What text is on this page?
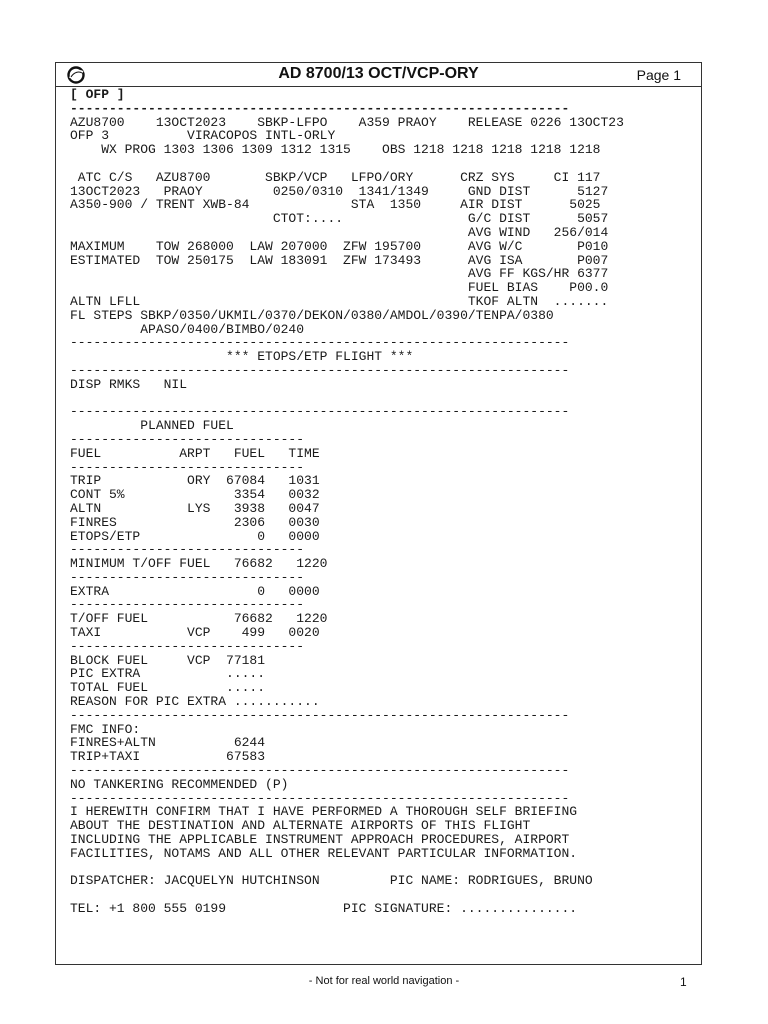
AD 8700/13 OCT/VCP-ORY	Page 1
[ OFP ]
----------------------------------------------------------------
AZU8700    13OCT2023    SBKP-LFPO    A359 PRAOY    RELEASE 0226 13OCT23
OFP 3          VIRACOPOS INTL-ORLY
WX PROG 1303 1306 1309 1312 1315    OBS 1218 1218 1218 1218 1218

ATC C/S   AZU8700       SBKP/VCP   LFPO/ORY      CRZ SYS     CI 117
13OCT2023   PRAOY         0250/0310  1341/1349     GND DIST      5127
A350-900 / TRENT XWB-84             STA  1350     AIR DIST      5025
CTOT:....                G/C DIST      5057
AVG WIND   256/014
MAXIMUM    TOW 268000  LAW 207000  ZFW 195700      AVG W/C       P010
ESTIMATED  TOW 250175  LAW 183091  ZFW 173493      AVG ISA       P007
AVG FF KGS/HR 6377
FUEL BIAS    P00.0
ALTN LFLL                                          TKOF ALTN  .......
FL STEPS SBKP/0350/UKMIL/0370/DEKON/0380/AMDOL/0390/TENPA/0380
APASO/0400/BIMBO/0240
----------------------------------------------------------------
*** ETOPS/ETP FLIGHT ***
----------------------------------------------------------------
DISP RMKS   NIL

----------------------------------------------------------------
PLANNED FUEL
------------------------------
FUEL          ARPT   FUEL   TIME
------------------------------
TRIP           ORY  67084   1031
CONT 5%              3354   0032
ALTN           LYS   3938   0047
FINRES               2306   0030
ETOPS/ETP               0   0000
------------------------------
MINIMUM T/OFF FUEL   76682   1220
------------------------------
EXTRA                   0   0000
------------------------------
T/OFF FUEL           76682   1220
TAXI           VCP    499   0020
------------------------------
BLOCK FUEL     VCP  77181
PIC EXTRA           .....
TOTAL FUEL          .....
REASON FOR PIC EXTRA ...........
----------------------------------------------------------------
FMC INFO:
FINRES+ALTN          6244
TRIP+TAXI           67583
----------------------------------------------------------------
NO TANKERING RECOMMENDED (P)
----------------------------------------------------------------
I HEREWITH CONFIRM THAT I HAVE PERFORMED A THOROUGH SELF BRIEFING
ABOUT THE DESTINATION AND ALTERNATE AIRPORTS OF THIS FLIGHT
INCLUDING THE APPLICABLE INSTRUMENT APPROACH PROCEDURES, AIRPORT
FACILITIES, NOTAMS AND ALL OTHER RELEVANT PARTICULAR INFORMATION.

DISPATCHER: JACQUELYN HUTCHINSON         PIC NAME: RODRIGUES, BRUNO

TEL: +1 800 555 0199               PIC SIGNATURE: ...............
- Not for real world navigation -	1
